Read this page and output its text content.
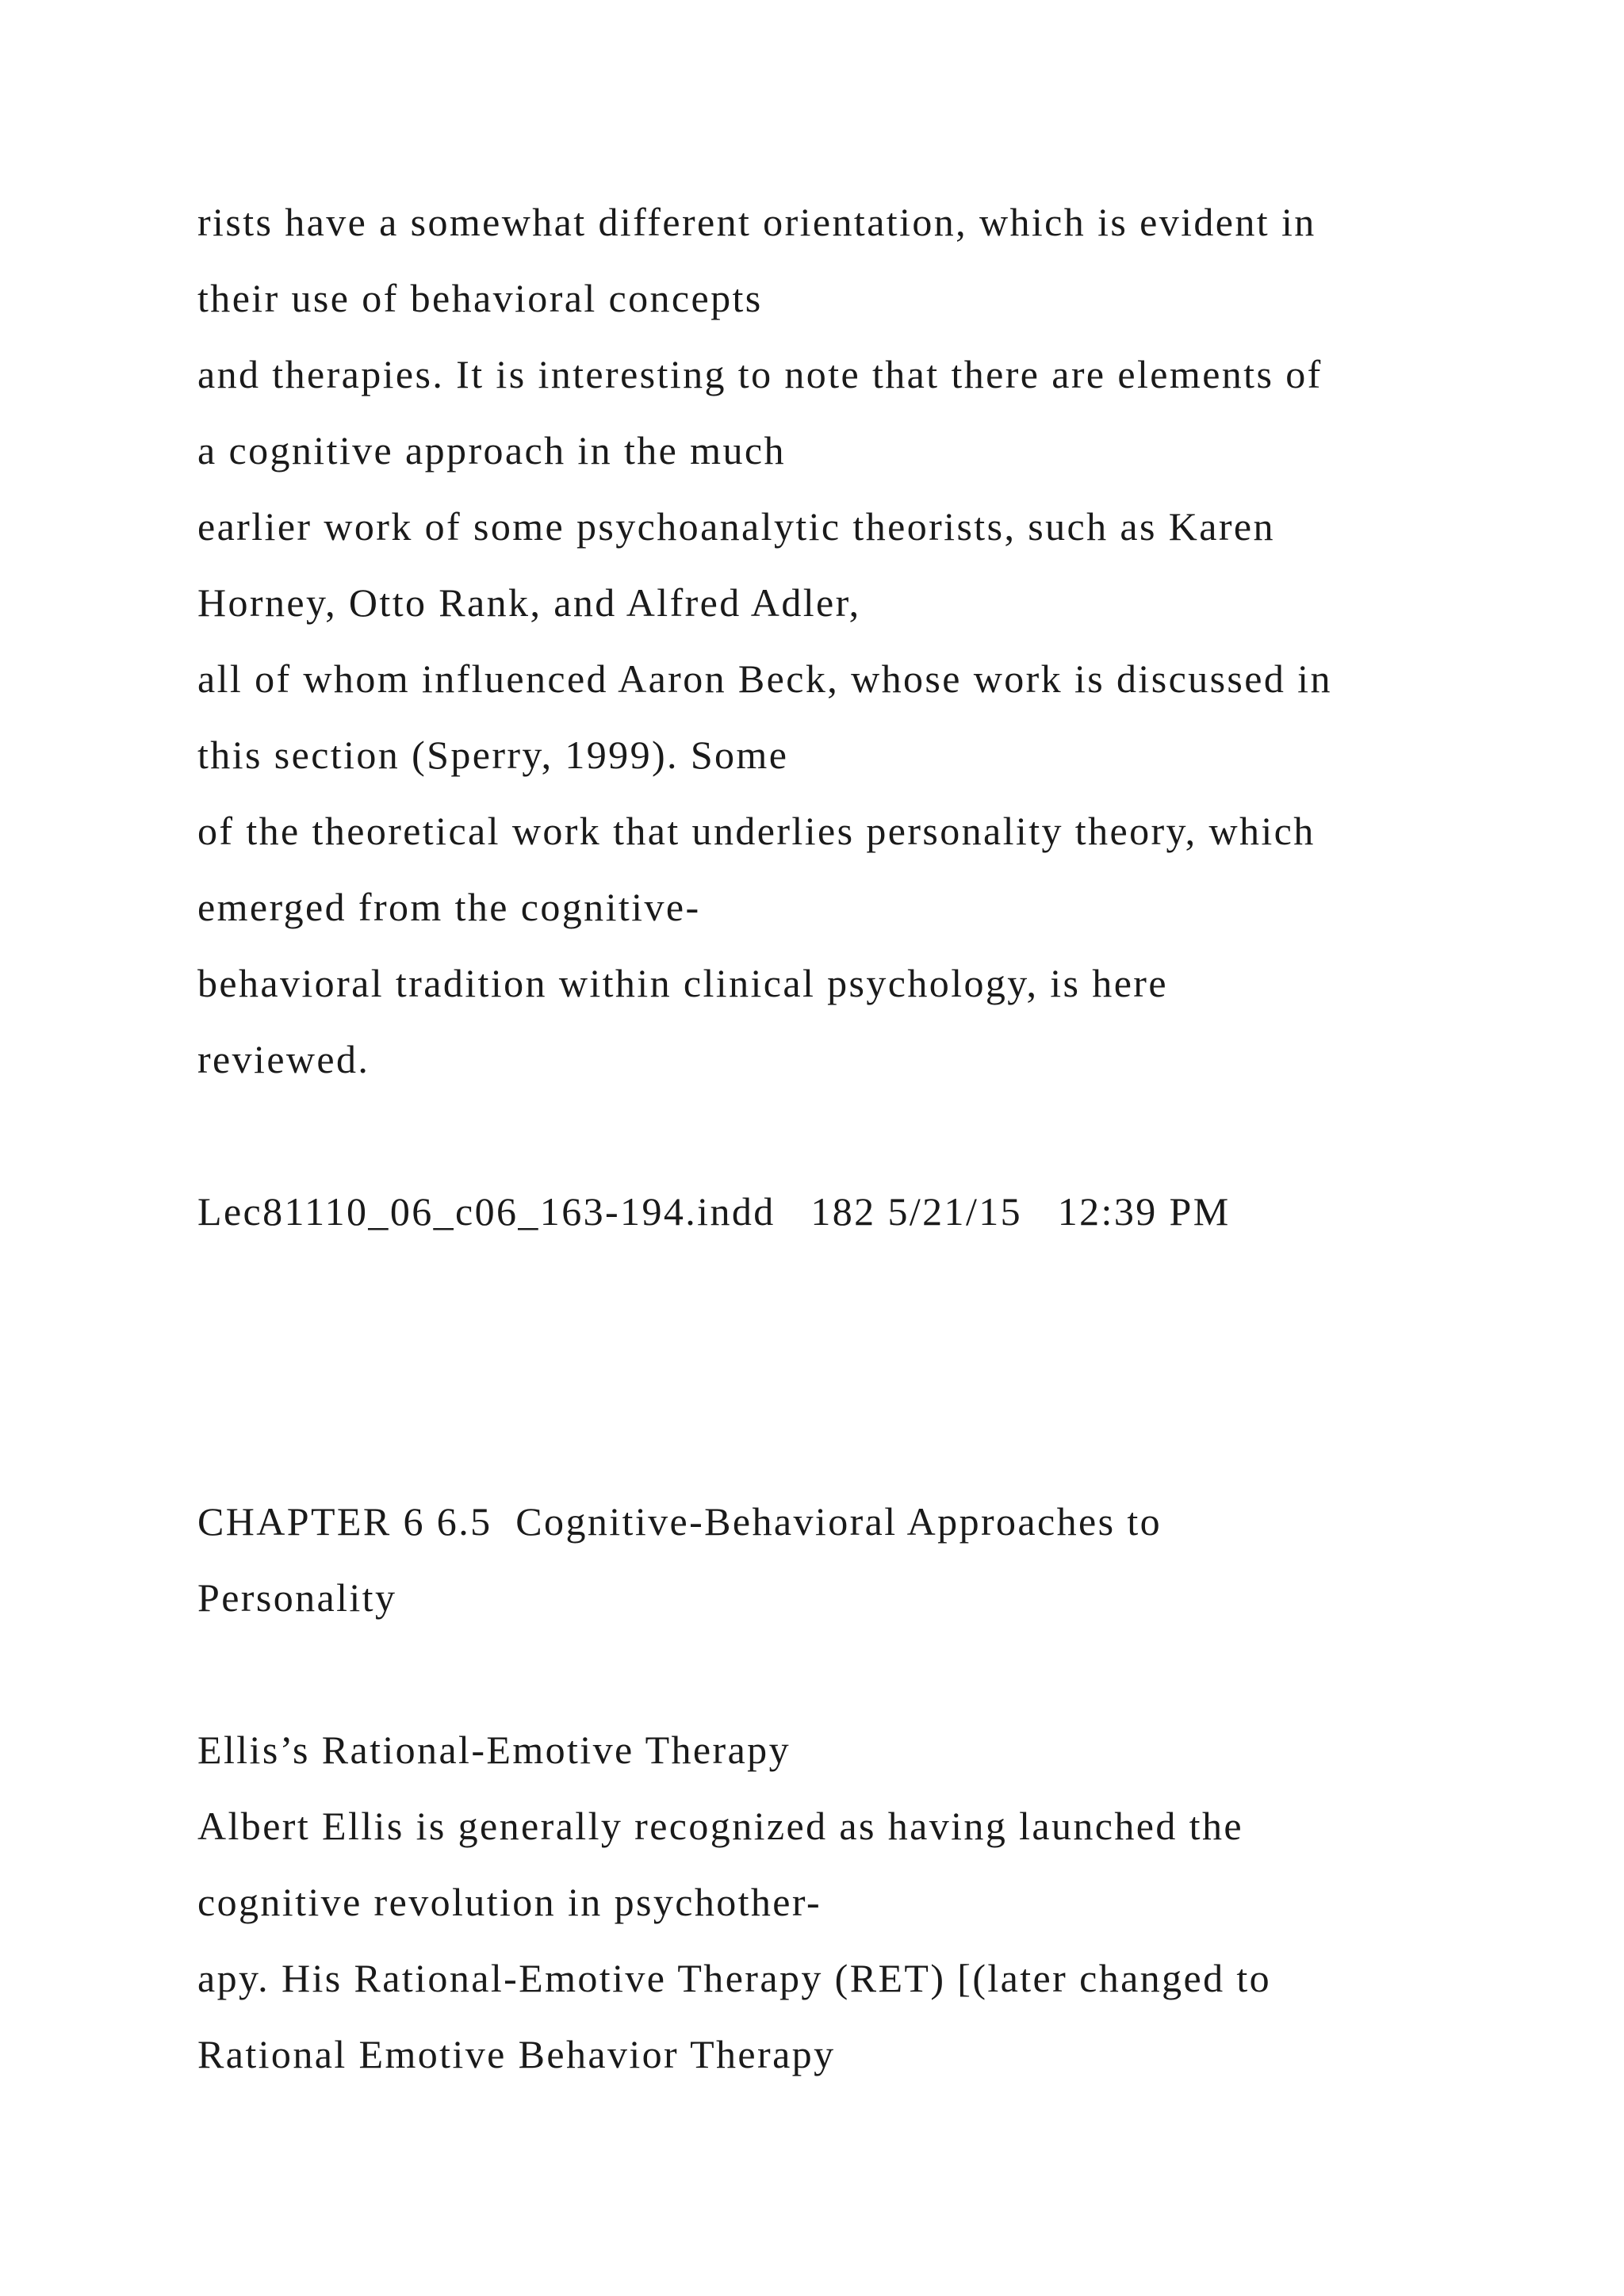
rists have a somewhat different orientation, which is evident in
their use of behavioral concepts
and therapies. It is interesting to note that there are elements of
a cognitive approach in the much
earlier work of some psychoanalytic theorists, such as Karen
Horney, Otto Rank, and Alfred Adler,
all of whom influenced Aaron Beck, whose work is discussed in
this section (Sperry, 1999). Some
of the theoretical work that underlies personality theory, which
emerged from the cognitive-
behavioral tradition within clinical psychology, is here
reviewed.
Lec81110_06_c06_163-194.indd   182 5/21/15   12:39 PM
CHAPTER 6 6.5  Cognitive-Behavioral Approaches to
Personality
Ellis’s Rational-Emotive Therapy
Albert Ellis is generally recognized as having launched the
cognitive revolution in psychother-
apy. His Rational-Emotive Therapy (RET) [(later changed to
Rational Emotive Behavior Therapy
